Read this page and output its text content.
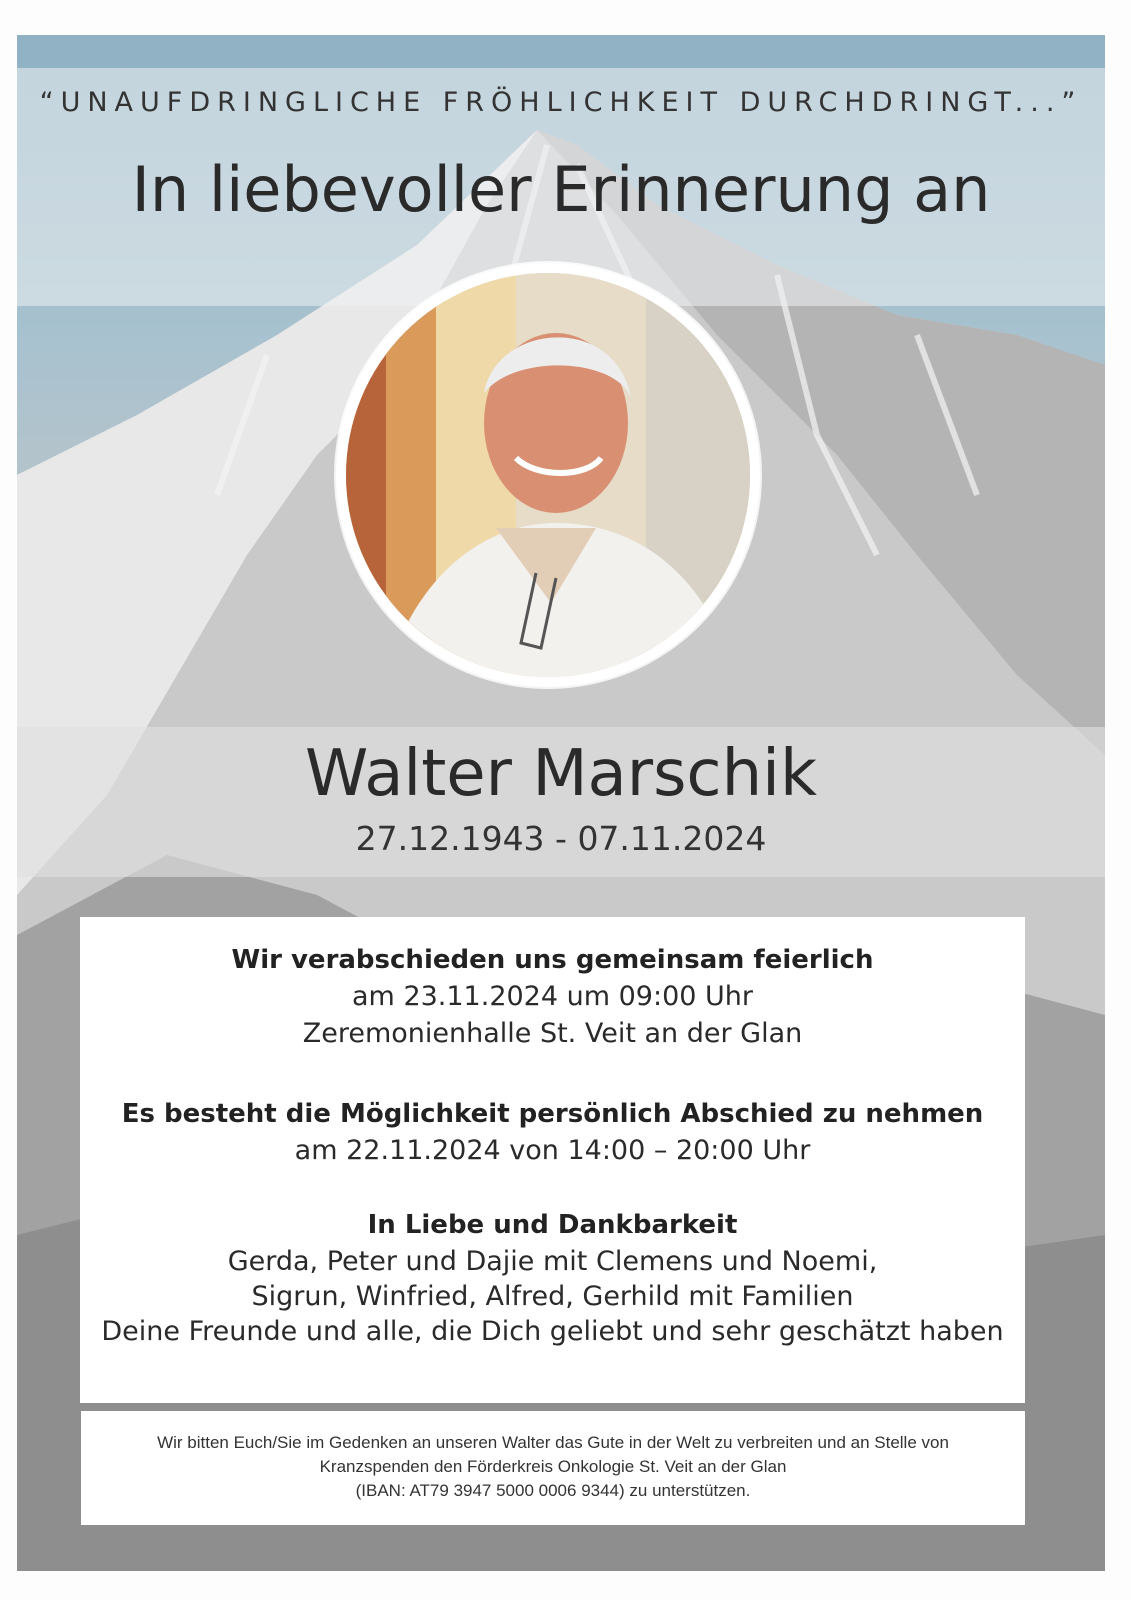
“UNAUFDRINGLICHE FRÖHLICHKEIT DURCHDRINGT...”
In liebevoller Erinnerung an
Walter Marschik
27.12.1943 - 07.11.2024

Wir verabschieden uns gemeinsam feierlich

am 23.11.2024 um 09:00 Uhr

Zeremonienhalle St. Veit an der Glan

Es besteht die Möglichkeit persönlich Abschied zu nehmen

am 22.11.2024 von 14:00 – 20:00 Uhr

In Liebe und Dankbarkeit

Gerda, Peter und Dajie mit Clemens und Noemi,

Sigrun, Winfried, Alfred, Gerhild mit Familien

Deine Freunde und alle, die Dich geliebt und sehr geschätzt haben

Wir bitten Euch/Sie im Gedenken an unseren Walter das Gute in der Welt zu verbreiten und an Stelle von

Kranzspenden den Förderkreis Onkologie St. Veit an der Glan

(IBAN: AT79 3947 5000 0006 9344) zu unterstützen.
